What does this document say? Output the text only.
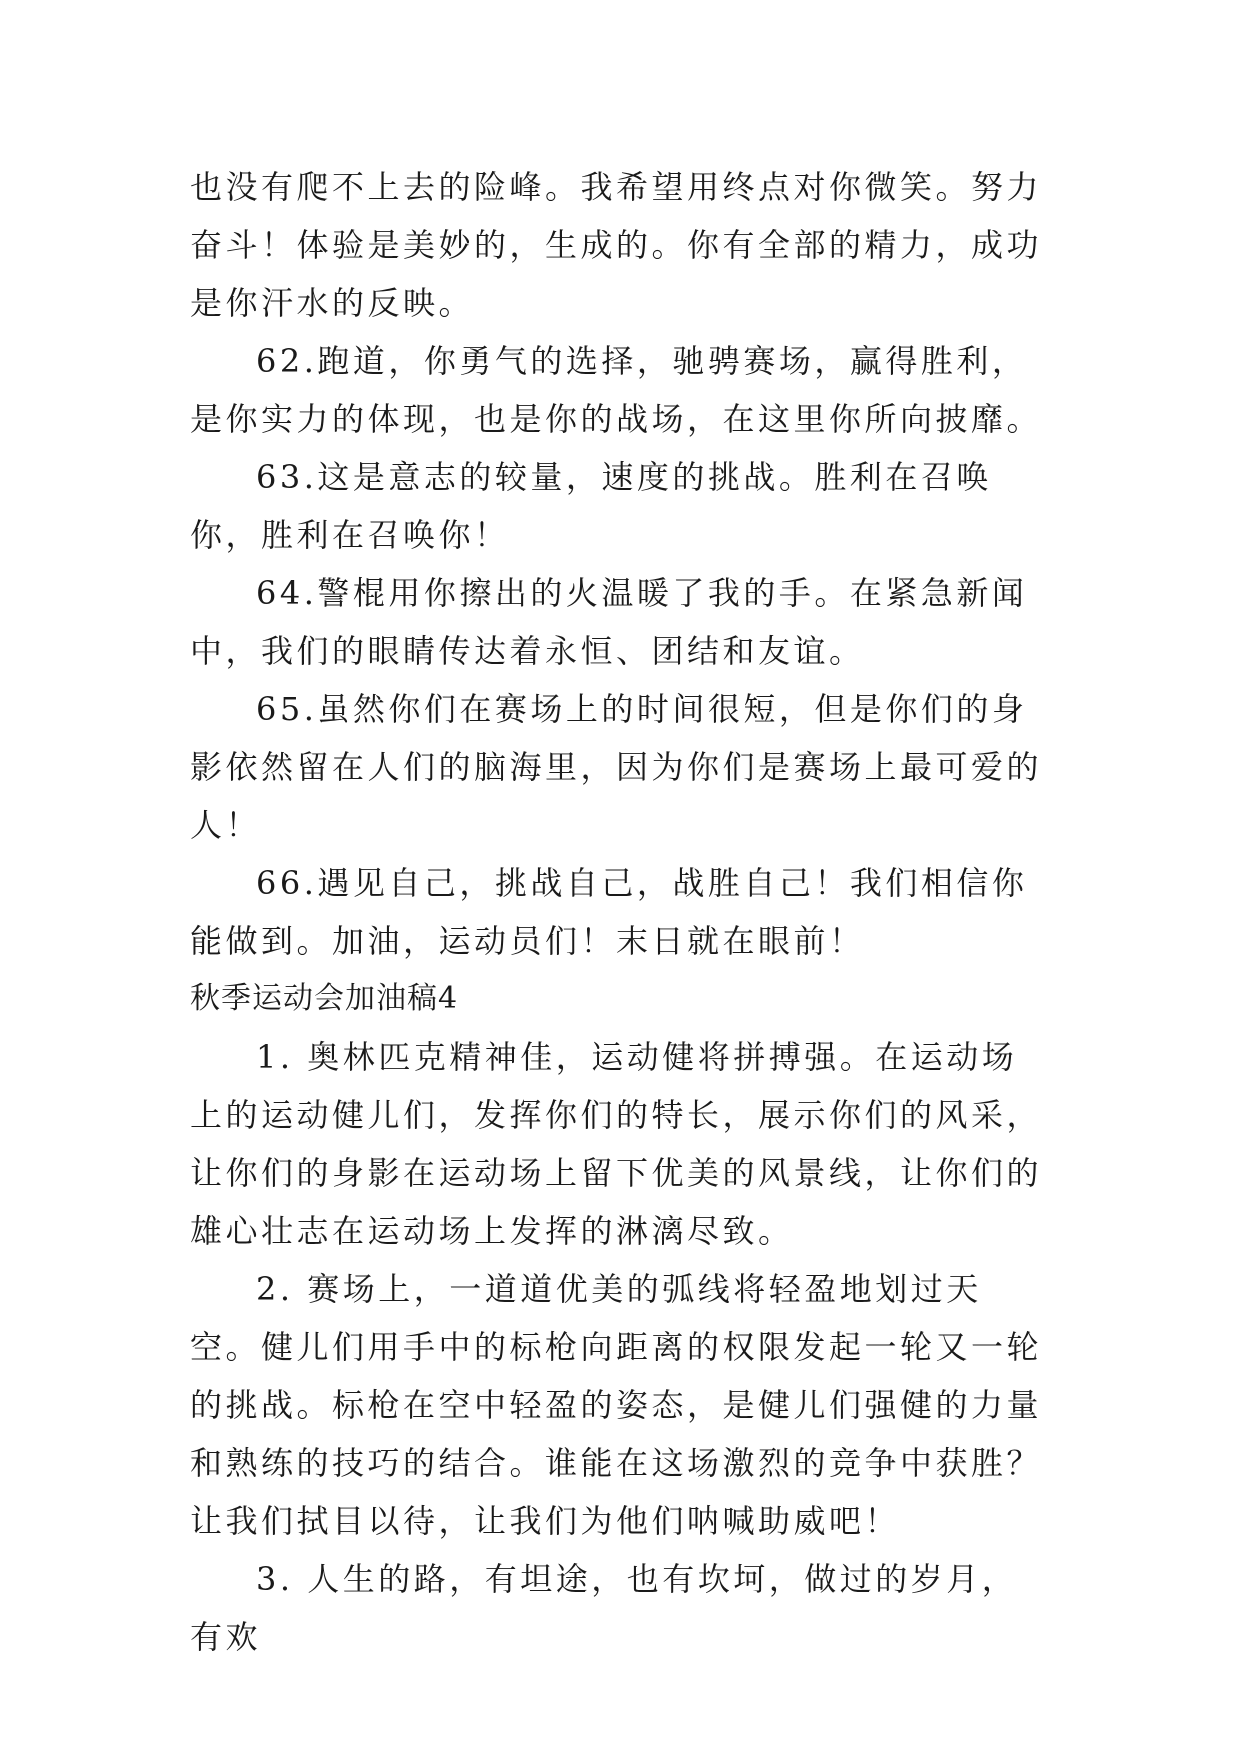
也没有爬不上去的险峰。我希望用终点对你微笑。努力奋斗！体验是美妙的，生成的。你有全部的精力，成功是你汗水的反映。

62.跑道，你勇气的选择，驰骋赛场，赢得胜利，是你实力的体现，也是你的战场，在这里你所向披靡。

63.这是意志的较量，速度的挑战。胜利在召唤你，胜利在召唤你！

64.警棍用你擦出的火温暖了我的手。在紧急新闻中，我们的眼睛传达着永恒、团结和友谊。

65.虽然你们在赛场上的时间很短，但是你们的身影依然留在人们的脑海里，因为你们是赛场上最可爱的人！

66.遇见自己，挑战自己，战胜自己！我们相信你能做到。加油，运动员们！末日就在眼前！

秋季运动会加油稿4

1. 奥林匹克精神佳，运动健将拼搏强。在运动场上的运动健儿们，发挥你们的特长，展示你们的风采，让你们的身影在运动场上留下优美的风景线，让你们的雄心壮志在运动场上发挥的淋漓尽致。

2. 赛场上，一道道优美的弧线将轻盈地划过天空。健儿们用手中的标枪向距离的权限发起一轮又一轮的挑战。标枪在空中轻盈的姿态，是健儿们强健的力量和熟练的技巧的结合。谁能在这场激烈的竞争中获胜？让我们拭目以待，让我们为他们呐喊助威吧！

3. 人生的路，有坦途，也有坎坷，做过的岁月，有欢
